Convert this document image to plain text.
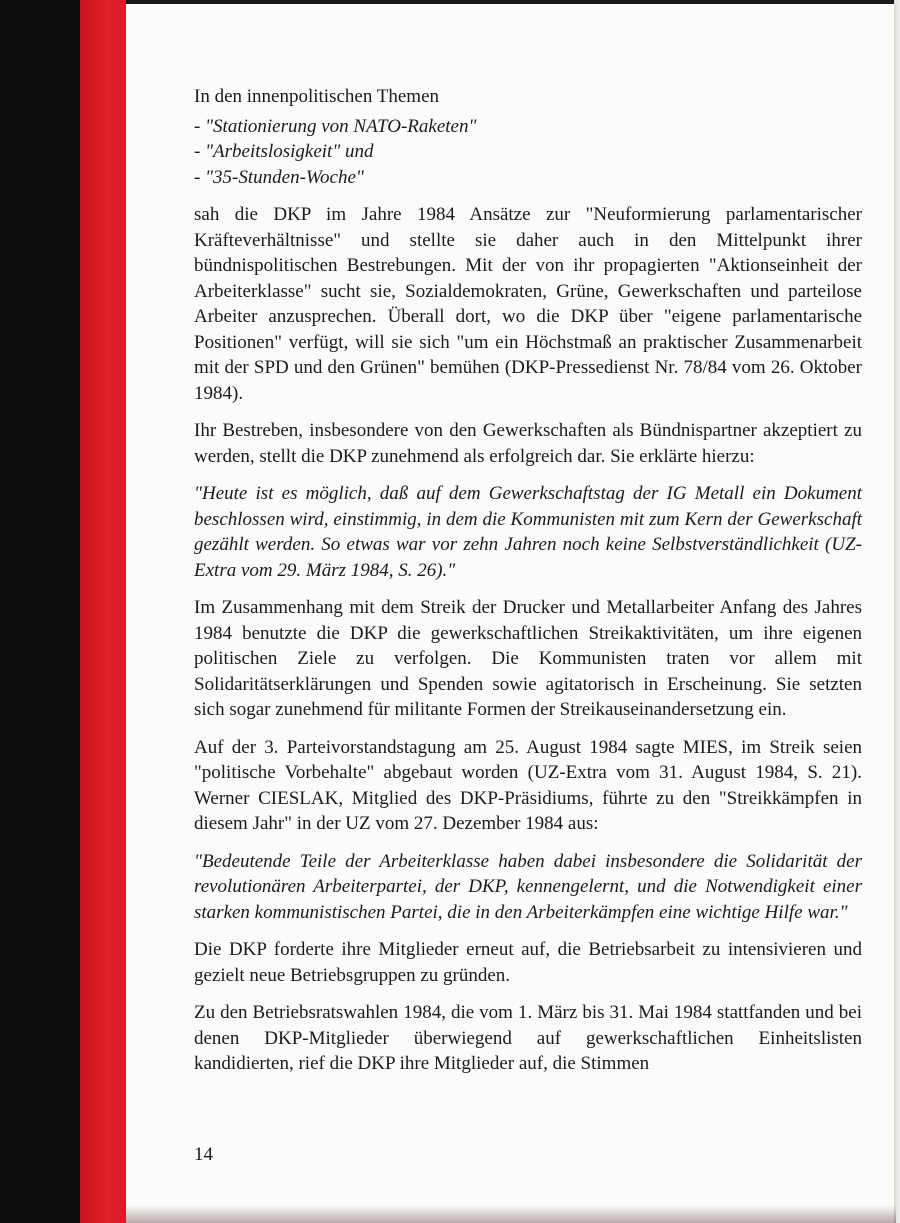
In den innenpolitischen Themen

- "Stationierung von NATO-Raketen"
- "Arbeitslosigkeit" und
- "35-Stunden-Woche"

sah die DKP im Jahre 1984 Ansätze zur "Neuformierung parlamentarischer Kräfteverhältnisse" und stellte sie daher auch in den Mittelpunkt ihrer bündnispolitischen Bestrebungen. Mit der von ihr propagierten "Aktionseinheit der Arbeiterklasse" sucht sie, Sozialdemokraten, Grüne, Gewerkschaften und parteilose Arbeiter anzusprechen. Überall dort, wo die DKP über "eigene parlamentarische Positionen" verfügt, will sie sich "um ein Höchstmaß an praktischer Zusammenarbeit mit der SPD und den Grünen" bemühen (DKP-Pressedienst Nr. 78/84 vom 26. Oktober 1984).

Ihr Bestreben, insbesondere von den Gewerkschaften als Bündnispartner akzeptiert zu werden, stellt die DKP zunehmend als erfolgreich dar. Sie erklärte hierzu:

"Heute ist es möglich, daß auf dem Gewerkschaftstag der IG Metall ein Dokument beschlossen wird, einstimmig, in dem die Kommunisten mit zum Kern der Gewerkschaft gezählt werden. So etwas war vor zehn Jahren noch keine Selbstverständlichkeit (UZ-Extra vom 29. März 1984, S. 26)."

Im Zusammenhang mit dem Streik der Drucker und Metallarbeiter Anfang des Jahres 1984 benutzte die DKP die gewerkschaftlichen Streikaktivitäten, um ihre eigenen politischen Ziele zu verfolgen. Die Kommunisten traten vor allem mit Solidaritätserklärungen und Spenden sowie agitatorisch in Erscheinung. Sie setzten sich sogar zunehmend für militante Formen der Streikauseinandersetzung ein.

Auf der 3. Parteivorstandstagung am 25. August 1984 sagte MIES, im Streik seien "politische Vorbehalte" abgebaut worden (UZ-Extra vom 31. August 1984, S. 21). Werner CIESLAK, Mitglied des DKP-Präsidiums, führte zu den "Streikkämpfen in diesem Jahr" in der UZ vom 27. Dezember 1984 aus:

"Bedeutende Teile der Arbeiterklasse haben dabei insbesondere die Solidarität der revolutionären Arbeiterpartei, der DKP, kennengelernt, und die Notwendigkeit einer starken kommunistischen Partei, die in den Arbeiterkämpfen eine wichtige Hilfe war."

Die DKP forderte ihre Mitglieder erneut auf, die Betriebsarbeit zu intensivieren und gezielt neue Betriebsgruppen zu gründen.

Zu den Betriebsratswahlen 1984, die vom 1. März bis 31. Mai 1984 stattfanden und bei denen DKP-Mitglieder überwiegend auf gewerkschaftlichen Einheitslisten kandidierten, rief die DKP ihre Mitglieder auf, die Stimmen

14
